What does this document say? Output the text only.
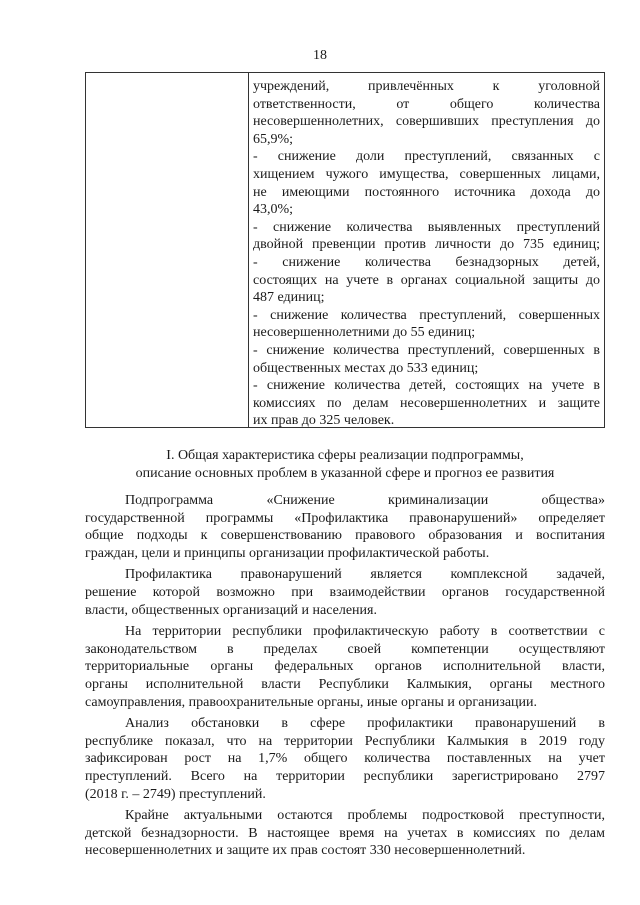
18
учреждений, привлечённых к уголовной
ответственности, от общего количества
несовершеннолетних, совершивших преступления до
65,9%;
- снижение доли преступлений, связанных с
хищением чужого имущества, совершенных лицами,
не имеющими постоянного источника дохода до
43,0%;
- снижение количества выявленных преступлений
двойной превенции против личности до 735 единиц;
- снижение количества безнадзорных детей,
состоящих на учете в органах социальной защиты до
487 единиц;
- снижение количества преступлений, совершенных
несовершеннолетними до 55 единиц;
- снижение количества преступлений, совершенных в
общественных местах до 533 единиц;
- снижение количества детей, состоящих на учете в
комиссиях по делам несовершеннолетних и защите
их прав до 325 человек.
I. Общая характеристика сферы реализации подпрограммы,
описание основных проблем в указанной сфере и прогноз ее развития
Подпрограмма «Снижение криминализации общества»
государственной программы «Профилактика правонарушений» определяет
общие подходы к совершенствованию правового образования и воспитания
граждан, цели и принципы организации профилактической работы.
Профилактика правонарушений является комплексной задачей,
решение которой возможно при взаимодействии органов государственной
власти, общественных организаций и населения.
На территории республики профилактическую работу в соответствии с
законодательством в пределах своей компетенции осуществляют
территориальные органы федеральных органов исполнительной власти,
органы исполнительной власти Республики Калмыкия, органы местного
самоуправления, правоохранительные органы, иные органы и организации.
Анализ обстановки в сфере профилактики правонарушений в
республике показал, что на территории Республики Калмыкия в 2019 году
зафиксирован рост на 1,7% общего количества поставленных на учет
преступлений. Всего на территории республики зарегистрировано 2797
(2018 г. – 2749) преступлений.
Крайне актуальными остаются проблемы подростковой преступности,
детской безнадзорности. В настоящее время на учетах в комиссиях по делам
несовершеннолетних и защите их прав состоят 330 несовершеннолетний.
